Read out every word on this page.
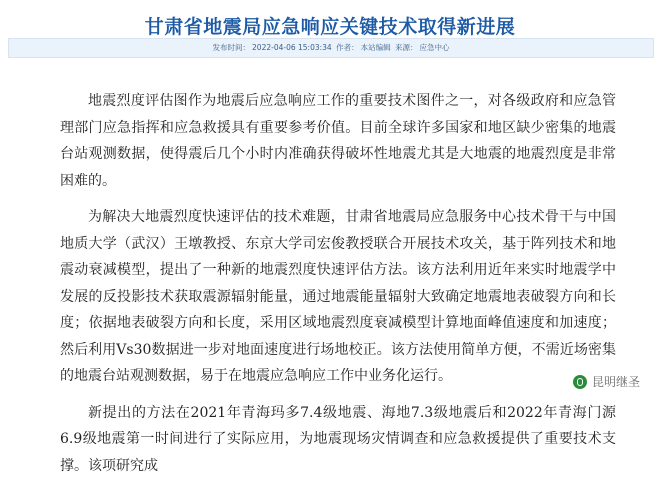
甘肃省地震局应急响应关键技术取得新进展
发布时间： 2022-04-06 15:03:34 作者： 本站编辑 来源： 应急中心

地震烈度评估图作为地震后应急响应工作的重要技术图件之一，对各级政府和应急管理部门应急指挥和应急救援具有重要参考价值。目前全球许多国家和地区缺少密集的地震台站观测数据，使得震后几个小时内准确获得破坏性地震尤其是大地震的地震烈度是非常困难的。

为解决大地震烈度快速评估的技术难题，甘肃省地震局应急服务中心技术骨干与中国地质大学（武汉）王墩教授、东京大学司宏俊教授联合开展技术攻关，基于阵列技术和地震动衰减模型，提出了一种新的地震烈度快速评估方法。该方法利用近年来实时地震学中发展的反投影技术获取震源辐射能量，通过地震能量辐射大致确定地震地表破裂方向和长度；依据地表破裂方向和长度，采用区域地震烈度衰减模型计算地面峰值速度和加速度；然后利用Vs30数据进一步对地面速度进行场地校正。该方法使用简单方便，不需近场密集的地震台站观测数据，易于在地震应急响应工作中业务化运行。

新提出的方法在2021年青海玛多7.4级地震、海地7.3级地震后和2022年青海门源6.9级地震第一时间进行了实际应用，为地震现场灾情调查和应急救援提供了重要技术支撑。该项研究成

昆明继圣
